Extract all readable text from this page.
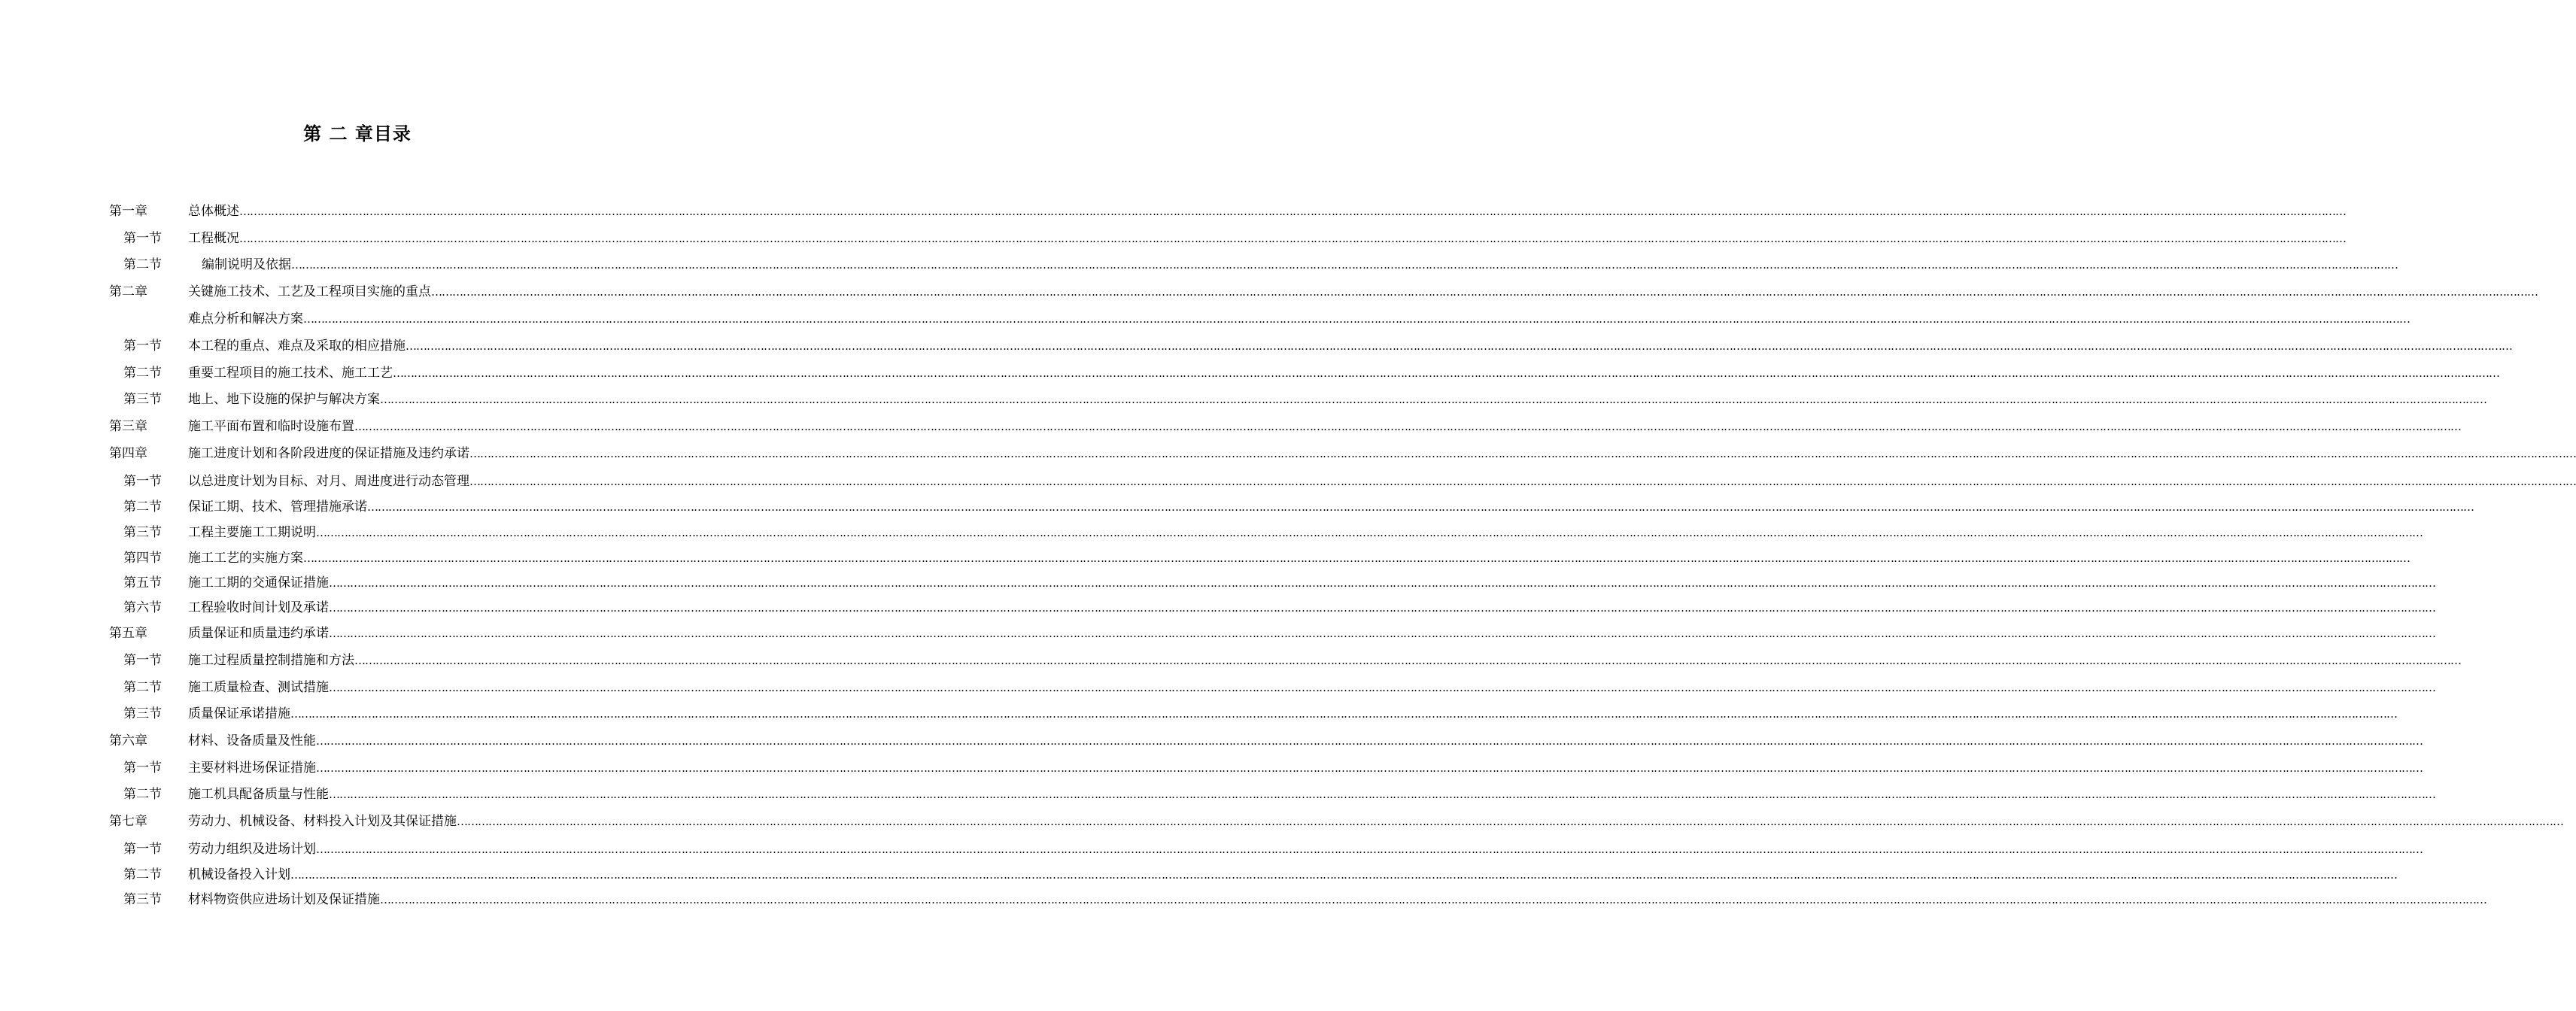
第 二 章目录
第一章	总体概述 ……………………………………………………………………………………………………………………………………………………………………………………………………………………………………………………………………………………………………………………………………………………………………………………………………………………………………………………………………………………………………………………………………………………
第一节 工程概况 ……………………………………………………………………………………………………………………………………………………………………………………………………………………………………………………………………………………………………………………………………………………………………………………………………………………………………………………………………………………………………………………………………………………
第二节	编制说明及依据 ……………………………………………………………………………………………………………………………………………………………………………………………………………………………………………………………………………………………………………………………………………………………………………………………………………………………………………………………………………………………………………………………………………………
第二章	关键施工技术、工艺及工程项目实施的重点 ……………………………………………………………………………………………………………………………………………………………………………………………………………………………………………………………………………………………………………………………………………………………………………………………………………………………………………………………………………………………………………………………………………………
难点分析和解决方案 ……………………………………………………………………………………………………………………………………………………………………………………………………………………………………………………………………………………………………………………………………………………………………………………………………………………………………………………………………………………………………………………………………………………
第一节 本工程的重点、难点及采取的相应措施 ……………………………………………………………………………………………………………………………………………………………………………………………………………………………………………………………………………………………………………………………………………………………………………………………………………………………………………………………………………………………………………………………………………………
第二节 重要工程项目的施工技术、施工工艺 ……………………………………………………………………………………………………………………………………………………………………………………………………………………………………………………………………………………………………………………………………………………………………………………………………………………………………………………………………………………………………………………………………………………
第三节 地上、地下设施的保护与解决方案 ……………………………………………………………………………………………………………………………………………………………………………………………………………………………………………………………………………………………………………………………………………………………………………………………………………………………………………………………………………………………………………………………………………………
第三章	施工平面布置和临时设施布置 ……………………………………………………………………………………………………………………………………………………………………………………………………………………………………………………………………………………………………………………………………………………………………………………………………………………………………………………………………………………………………………………………………………………
第四章	施工进度计划和各阶段进度的保证措施及违约承诺 ……………………………………………………………………………………………………………………………………………………………………………………………………………………………………………………………………………………………………………………………………………………………………………………………………………………………………………………………………………………………………………………………………………………
第一节 以总进度计划为目标、对月、周进度进行动态管理 ……………………………………………………………………………………………………………………………………………………………………………………………………………………………………………………………………………………………………………………………………………………………………………………………………………………………………………………………………………………………………………………………………………………
第二节 保证工期、技术、管理措施承诺 ……………………………………………………………………………………………………………………………………………………………………………………………………………………………………………………………………………………………………………………………………………………………………………………………………………………………………………………………………………………………………………………………………………………
第三节 工程主要施工工期说明 ……………………………………………………………………………………………………………………………………………………………………………………………………………………………………………………………………………………………………………………………………………………………………………………………………………………………………………………………………………………………………………………………………………………
第四节 施工工艺的实施方案 ……………………………………………………………………………………………………………………………………………………………………………………………………………………………………………………………………………………………………………………………………………………………………………………………………………………………………………………………………………………………………………………………………………………
第五节 施工工期的交通保证措施 ……………………………………………………………………………………………………………………………………………………………………………………………………………………………………………………………………………………………………………………………………………………………………………………………………………………………………………………………………………………………………………………………………………………
第六节 工程验收时间计划及承诺 ……………………………………………………………………………………………………………………………………………………………………………………………………………………………………………………………………………………………………………………………………………………………………………………………………………………………………………………………………………………………………………………………………………………
第五章	质量保证和质量违约承诺 ……………………………………………………………………………………………………………………………………………………………………………………………………………………………………………………………………………………………………………………………………………………………………………………………………………………………………………………………………………………………………………………………………………………
第一节 施工过程质量控制措施和方法 ……………………………………………………………………………………………………………………………………………………………………………………………………………………………………………………………………………………………………………………………………………………………………………………………………………………………………………………………………………………………………………………………………………………
第二节 施工质量检查、测试措施 ……………………………………………………………………………………………………………………………………………………………………………………………………………………………………………………………………………………………………………………………………………………………………………………………………………………………………………………………………………………………………………………………………………………
第三节 质量保证承诺措施 ……………………………………………………………………………………………………………………………………………………………………………………………………………………………………………………………………………………………………………………………………………………………………………………………………………………………………………………………………………………………………………………………………………………
第六章	材料、设备质量及性能 ……………………………………………………………………………………………………………………………………………………………………………………………………………………………………………………………………………………………………………………………………………………………………………………………………………………………………………………………………………………………………………………………………………………
第一节 主要材料进场保证措施 ……………………………………………………………………………………………………………………………………………………………………………………………………………………………………………………………………………………………………………………………………………………………………………………………………………………………………………………………………………………………………………………………………………………
第二节 施工机具配备质量与性能 ……………………………………………………………………………………………………………………………………………………………………………………………………………………………………………………………………………………………………………………………………………………………………………………………………………………………………………………………………………………………………………………………………………………
第七章	劳动力、机械设备、材料投入计划及其保证措施 ……………………………………………………………………………………………………………………………………………………………………………………………………………………………………………………………………………………………………………………………………………………………………………………………………………………………………………………………………………………………………………………………………………………
第一节 劳动力组织及进场计划 ……………………………………………………………………………………………………………………………………………………………………………………………………………………………………………………………………………………………………………………………………………………………………………………………………………………………………………………………………………………………………………………………………………………
第二节 机械设备投入计划 ……………………………………………………………………………………………………………………………………………………………………………………………………………………………………………………………………………………………………………………………………………………………………………………………………………………………………………………………………………………………………………………………………………………
第三节 材料物资供应进场计划及保证措施 ……………………………………………………………………………………………………………………………………………………………………………………………………………………………………………………………………………………………………………………………………………………………………………………………………………………………………………………………………………………………………………………………………………………
